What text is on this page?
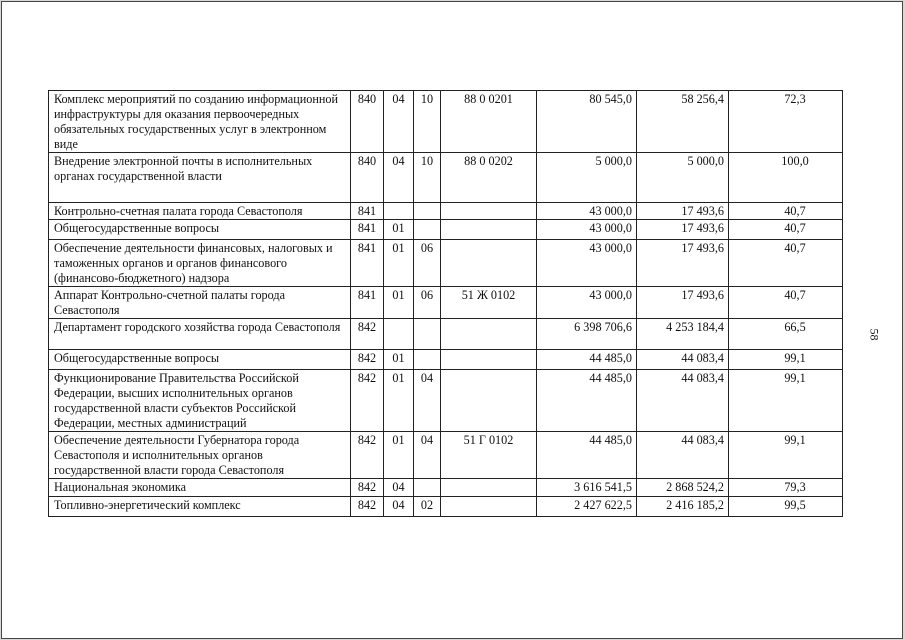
Комплекс мероприятий по созданию информационной инфраструктуры для оказания первоочередных обязательных государственных услуг в электронном виде	840	04	10	88 0 0201	80 545,0	58 256,4	72,3
Внедрение электронной почты в исполнительных органах государственной власти	840	04	10	88 0 0202	5 000,0	5 000,0	100,0
Контрольно-счетная палата города Севастополя	841				43 000,0	17 493,6	40,7
Общегосударственные вопросы	841	01			43 000,0	17 493,6	40,7
Обеспечение деятельности финансовых, налоговых и таможенных органов и органов финансового (финансово-бюджетного) надзора	841	01	06		43 000,0	17 493,6	40,7
Аппарат Контрольно-счетной палаты города Севастополя	841	01	06	51 Ж 0102	43 000,0	17 493,6	40,7
Департамент городского хозяйства города Севастополя	842				6 398 706,6	4 253 184,4	66,5
Общегосударственные вопросы	842	01			44 485,0	44 083,4	99,1
Функционирование Правительства Российской Федерации, высших исполнительных органов государственной власти субъектов Российской Федерации, местных администраций	842	01	04		44 485,0	44 083,4	99,1
Обеспечение деятельности Губернатора города Севастополя и исполнительных органов государственной власти города Севастополя	842	01	04	51 Г 0102	44 485,0	44 083,4	99,1
Национальная экономика	842	04			3 616 541,5	2 868 524,2	79,3
Топливно-энергетический комплекс	842	04	02		2 427 622,5	2 416 185,2	99,5
58
